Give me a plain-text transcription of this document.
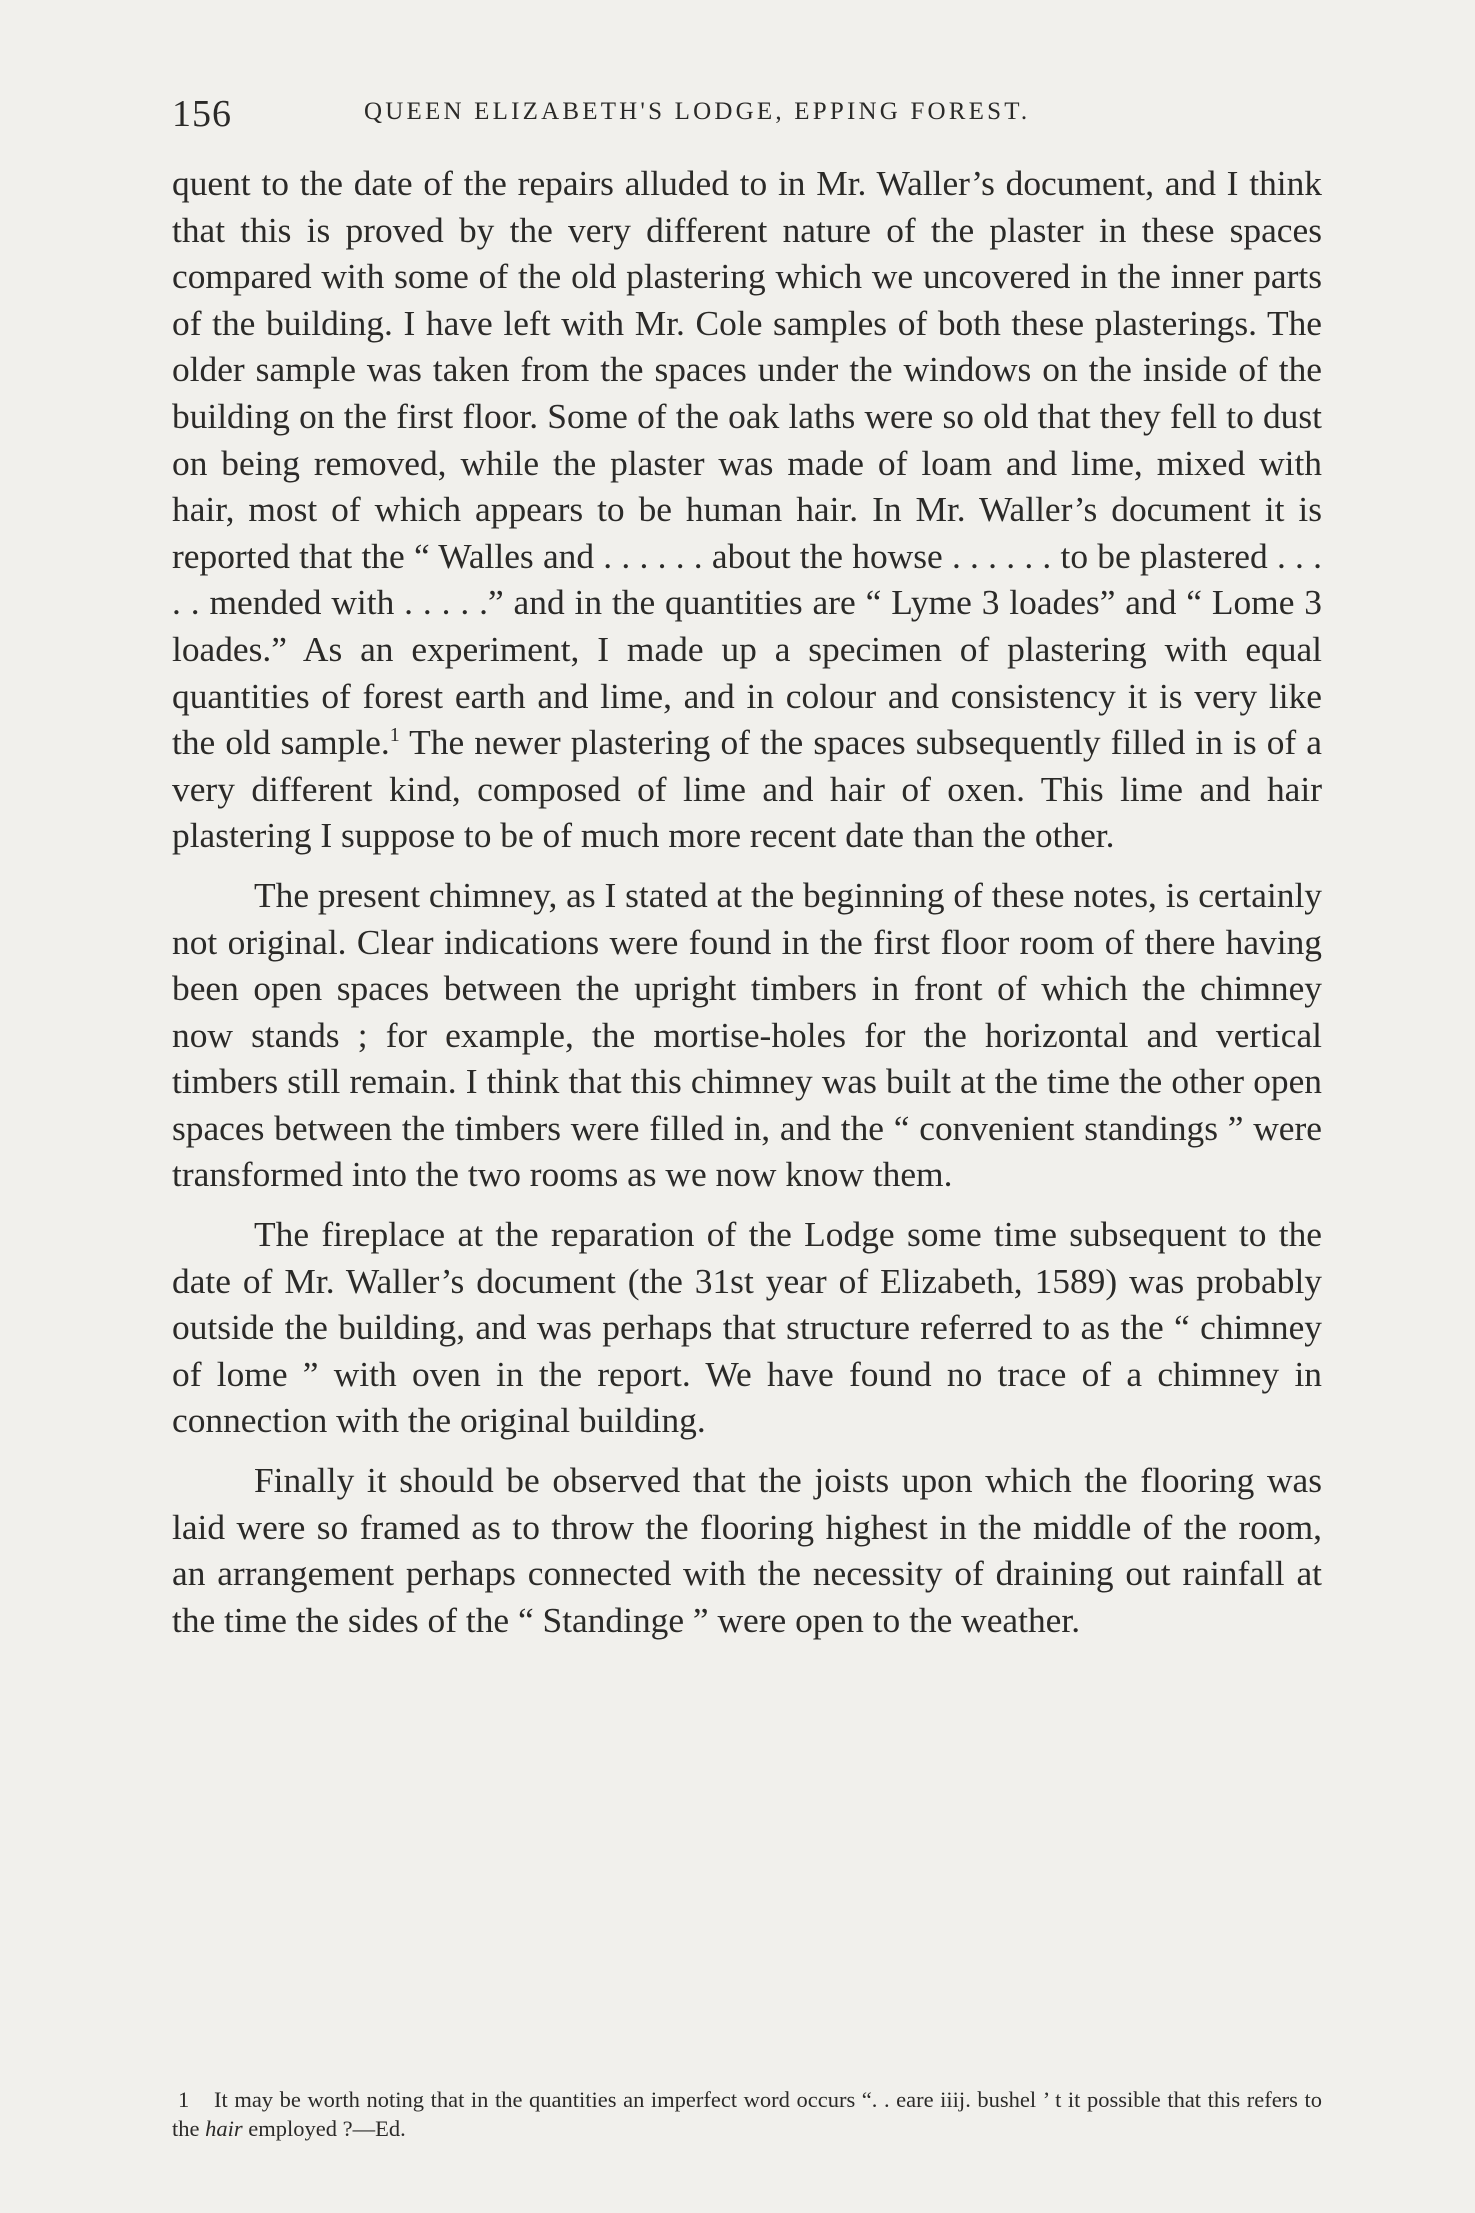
156	QUEEN ELIZABETH'S LODGE, EPPING FOREST.

quent to the date of the repairs alluded to in Mr. Waller’s document, and I think that this is proved by the very different nature of the plaster in these spaces compared with some of the old plastering which we uncovered in the inner parts of the building. I have left with Mr. Cole samples of both these plasterings. The older sample was taken from the spaces under the windows on the inside of the building on the first floor. Some of the oak laths were so old that they fell to dust on being removed, while the plaster was made of loam and lime, mixed with hair, most of which appears to be human hair. In Mr. Waller’s document it is reported that the “ Walles and . . . . . . about the howse . . . . . . to be plastered . . . . . mended with . . . . .” and in the quantities are “ Lyme 3 loades” and “ Lome 3 loades.” As an experiment, I made up a specimen of plastering with equal quantities of forest earth and lime, and in colour and consistency it is very like the old sample.$^1$ The newer plastering of the spaces subsequently filled in is of a very different kind, composed of lime and hair of oxen. This lime and hair plastering I suppose to be of much more recent date than the other.

The present chimney, as I stated at the beginning of these notes, is certainly not original. Clear indications were found in the first floor room of there having been open spaces between the upright timbers in front of which the chimney now stands ; for example, the mortise-holes for the horizontal and vertical timbers still remain. I think that this chimney was built at the time the other open spaces between the timbers were filled in, and the “ convenient standings ” were transformed into the two rooms as we now know them.

The fireplace at the reparation of the Lodge some time subsequent to the date of Mr. Waller’s document (the 31st year of Elizabeth, 1589) was probably outside the building, and was perhaps that structure referred to as the “ chimney of lome ” with oven in the report. We have found no trace of a chimney in connection with the original building.

Finally it should be observed that the joists upon which the flooring was laid were so framed as to throw the flooring highest in the middle of the room, an arrangement perhaps connected with the necessity of draining out rainfall at the time the sides of the “ Standinge ” were open to the weather.

1 It may be worth noting that in the quantities an imperfect word occurs “. . eare iiij. bushel ’ t it possible that this refers to the hair employed ?—Ed.
